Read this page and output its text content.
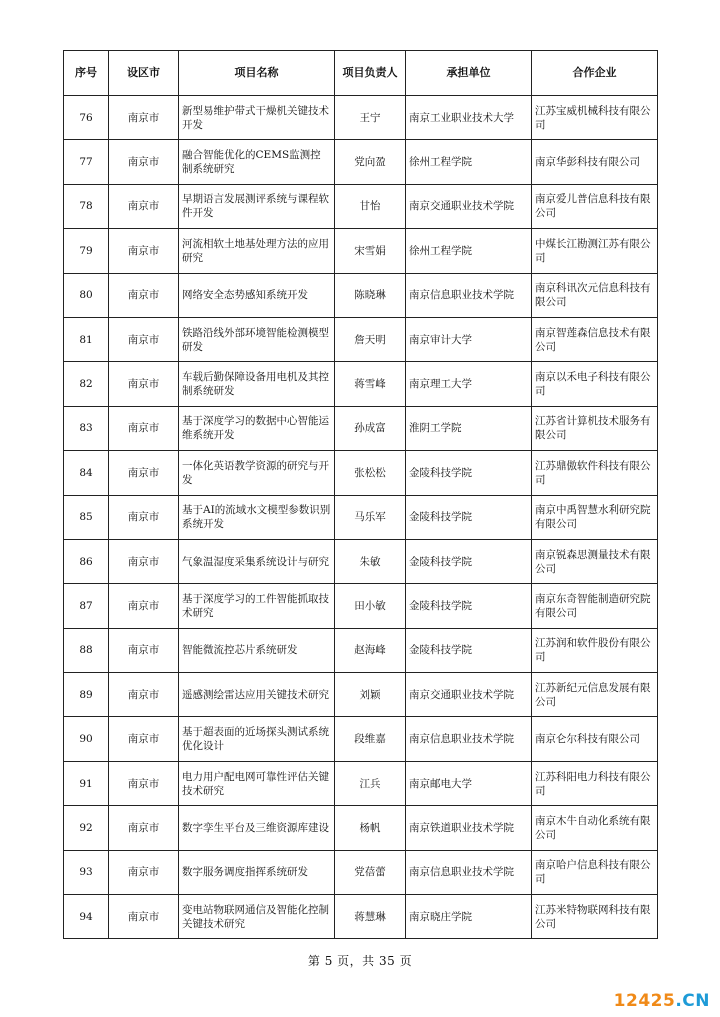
序号	设区市	项目名称	项目负责人	承担单位	合作企业
76	南京市	新型易维护带式干燥机关键技术开发	王宁	南京工业职业技术大学	江苏宝威机械科技有限公司
77	南京市	融合智能优化的CEMS监测控制系统研究	党向盈	徐州工程学院	南京华彭科技有限公司
78	南京市	早期语言发展测评系统与课程软件开发	甘怡	南京交通职业技术学院	南京爱儿普信息科技有限公司
79	南京市	河流相软土地基处理方法的应用研究	宋雪娟	徐州工程学院	中煤长江勘测江苏有限公司
80	南京市	网络安全态势感知系统开发	陈晓琳	南京信息职业技术学院	南京科讯次元信息科技有限公司
81	南京市	铁路沿线外部环境智能检测模型研发	詹天明	南京审计大学	南京智莲森信息技术有限公司
82	南京市	车载后勤保障设备用电机及其控制系统研发	蒋雪峰	南京理工大学	南京以禾电子科技有限公司
83	南京市	基于深度学习的数据中心智能运维系统开发	孙成富	淮阴工学院	江苏省计算机技术服务有限公司
84	南京市	一体化英语教学资源的研究与开发	张松松	金陵科技学院	江苏鼎傲软件科技有限公司
85	南京市	基于AI的流域水文模型参数识别系统开发	马乐军	金陵科技学院	南京中禹智慧水利研究院有限公司
86	南京市	气象温湿度采集系统设计与研究	朱敏	金陵科技学院	南京锐森思测量技术有限公司
87	南京市	基于深度学习的工件智能抓取技术研究	田小敏	金陵科技学院	南京东奇智能制造研究院有限公司
88	南京市	智能微流控芯片系统研发	赵海峰	金陵科技学院	江苏润和软件股份有限公司
89	南京市	遥感测绘雷达应用关键技术研究	刘颖	南京交通职业技术学院	江苏新纪元信息发展有限公司
90	南京市	基于超表面的近场探头测试系统优化设计	段维嘉	南京信息职业技术学院	南京仑尔科技有限公司
91	南京市	电力用户配电网可靠性评估关键技术研究	江兵	南京邮电大学	江苏科阳电力科技有限公司
92	南京市	数字孪生平台及三维资源库建设	杨帆	南京铁道职业技术学院	南京木牛自动化系统有限公司
93	南京市	数字服务调度指挥系统研发	党蓓蕾	南京信息职业技术学院	南京哈户信息科技有限公司
94	南京市	变电站物联网通信及智能化控制关键技术研究	蒋慧琳	南京晓庄学院	江苏米特物联网科技有限公司
第 5 页，共 35 页
12425.CN
